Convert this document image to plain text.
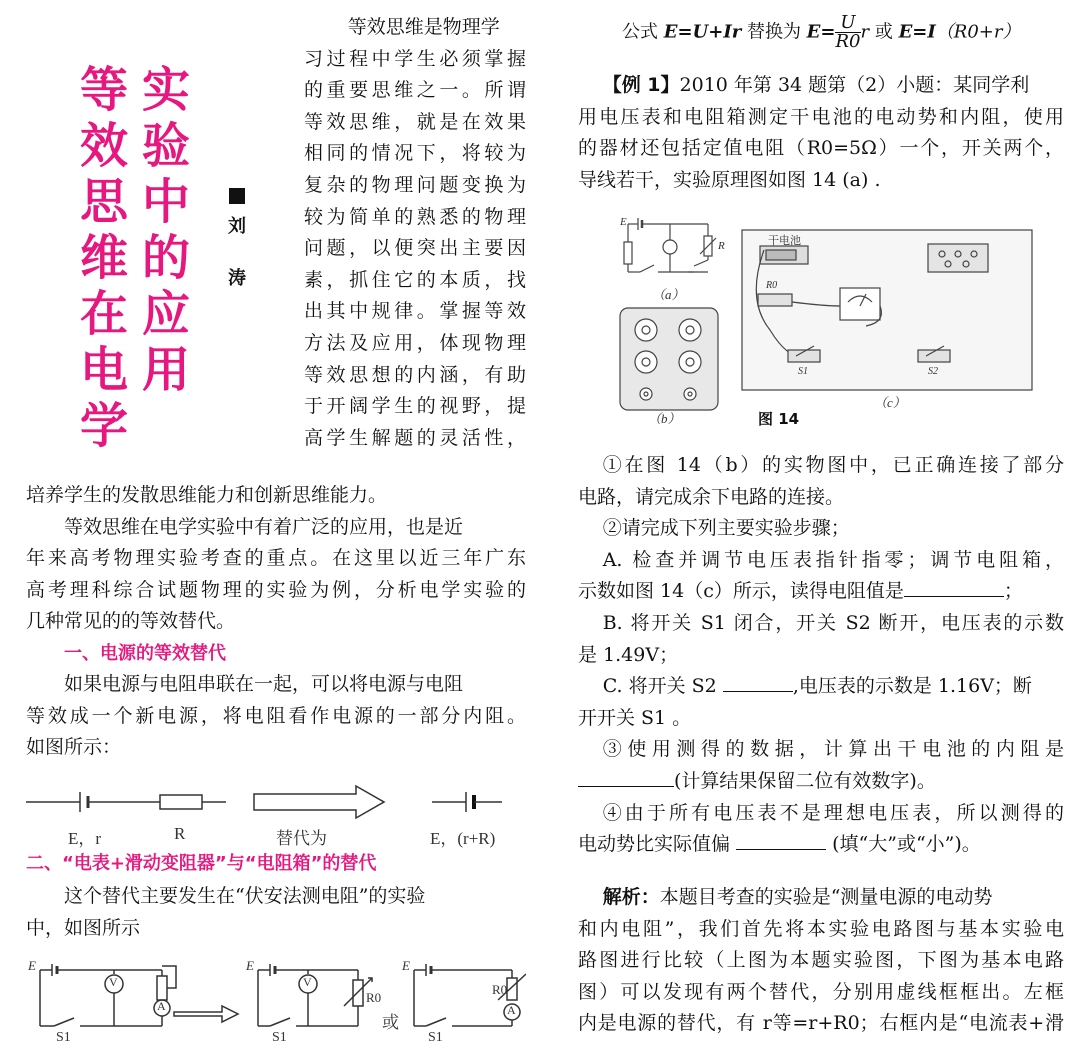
等效思维在电学
实验中的应用
刘
涛
等效思维是物理学
习过程中学生必须掌握
的重要思维之一。所谓
等效思维，就是在效果
相同的情况下，将较为
复杂的物理问题变换为
较为简单的熟悉的物理
问题，以便突出主要因
素，抓住它的本质，找
出其中规律。掌握等效
方法及应用，体现物理
等效思想的内涵，有助
于开阔学生的视野，提
高学生解题的灵活性，
培养学生的发散思维能力和创新思维能力。
等效思维在电学实验中有着广泛的应用，也是近
年来高考物理实验考查的重点。在这里以近三年广东
高考理科综合试题物理的实验为例，分析电学实验的
几种常见的的等效替代。
一、电源的等效替代
如果电源与电阻串联在一起，可以将电源与电阻
等效成一个新电源，将电阻看作电源的一部分内阻。
如图所示：
E，r	R	替代为	E，(r+R)
二、“电表+滑动变阻器”与“电阻箱”的替代
这个替代主要发生在“伏安法测电阻”的实验
中，如图所示
E
V
A
S1
E
V
R0
S1
或
E
R0
A
S1
公式 E=U+Ir 替换为 $E= \frac{U}{R0}$ r 或 E=I（R0+r）
【例 1】2010 年第 34 题第（2）小题：某同学利
用电压表和电阻箱测定干电池的电动势和内阻，使用
的器材还包括定值电阻（R0=5Ω）一个，开关两个，
导线若干，实验原理图如图 14 (a) .
E
R
（a）
（b）
干电池
R0
S1	S2
（c）
图 14
①在图 14（b）的实物图中，已正确连接了部分
电路，请完成余下电路的连接。
②请完成下列主要实验步骤；
A. 检查并调节电压表指针指零；调节电阻箱，
示数如图 14（c）所示，读得电阻值是	；
B. 将开关 S1 闭合，开关 S2 断开，电压表的示数
是 1.49V；
C. 将开关 S2	,电压表的示数是 1.16V；断
开开关 S1 。
③使用测得的数据，计算出干电池的内阻是
(计算结果保留二位有效数字)。
④由于所有电压表不是理想电压表，所以测得的
电动势比实际值偏	(填“大”或“小”)。
解析：本题目考查的实验是“测量电源的电动势
和内电阻”，我们首先将本实验电路图与基本实验电
路图进行比较（上图为本题实验图，下图为基本电路
图）可以发现有两个替代，分别用虚线框框出。左框
内是电源的替代，有 r等=r+R0；右框内是“电流表+滑
